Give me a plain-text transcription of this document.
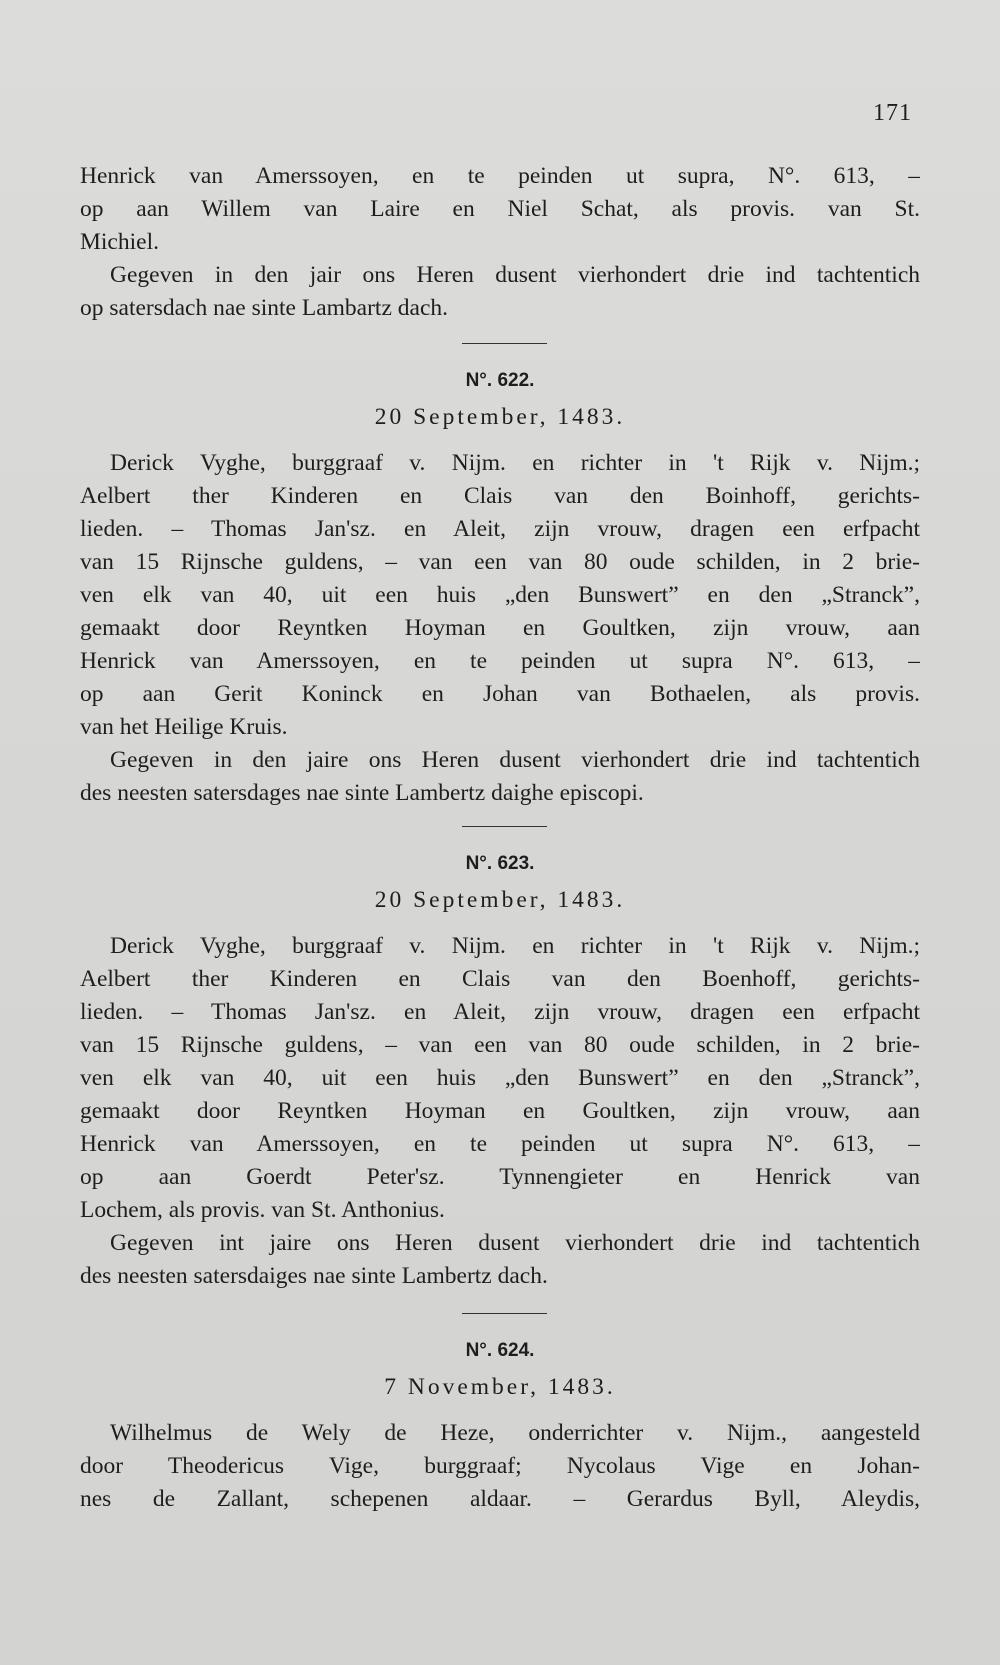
171
Henrick van Amerssoyen, en te peinden ut supra, N°. 613, –
op aan Willem van Laire en Niel Schat, als provis. van St.
Michiel.
Gegeven in den jair ons Heren dusent vierhondert drie ind tachtentich
op satersdach nae sinte Lambartz dach.
N°. 622.
20 September, 1483.
Derick Vyghe, burggraaf v. Nijm. en richter in 't Rijk v. Nijm.;
Aelbert ther Kinderen en Clais van den Boinhoff, gerichts-
lieden. – Thomas Jan'sz. en Aleit, zijn vrouw, dragen een erfpacht
van 15 Rijnsche guldens, – van een van 80 oude schilden, in 2 brie-
ven elk van 40, uit een huis „den Bunswert” en den „Stranck”,
gemaakt door Reyntken Hoyman en Goultken, zijn vrouw, aan
Henrick van Amerssoyen, en te peinden ut supra N°. 613, –
op aan Gerit Koninck en Johan van Bothaelen, als provis.
van het Heilige Kruis.
Gegeven in den jaire ons Heren dusent vierhondert drie ind tachtentich
des neesten satersdages nae sinte Lambertz daighe episcopi.
N°. 623.
20 September, 1483.
Derick Vyghe, burggraaf v. Nijm. en richter in 't Rijk v. Nijm.;
Aelbert ther Kinderen en Clais van den Boenhoff, gerichts-
lieden. – Thomas Jan'sz. en Aleit, zijn vrouw, dragen een erfpacht
van 15 Rijnsche guldens, – van een van 80 oude schilden, in 2 brie-
ven elk van 40, uit een huis „den Bunswert” en den „Stranck”,
gemaakt door Reyntken Hoyman en Goultken, zijn vrouw, aan
Henrick van Amerssoyen, en te peinden ut supra N°. 613, –
op aan Goerdt Peter'sz. Tynnengieter en Henrick van
Lochem, als provis. van St. Anthonius.
Gegeven int jaire ons Heren dusent vierhondert drie ind tachtentich
des neesten satersdaiges nae sinte Lambertz dach.
N°. 624.
7 November, 1483.
Wilhelmus de Wely de Heze, onderrichter v. Nijm., aangesteld
door Theodericus Vige, burggraaf; Nycolaus Vige en Johan-
nes de Zallant, schepenen aldaar. – Gerardus Byll, Aleydis,
